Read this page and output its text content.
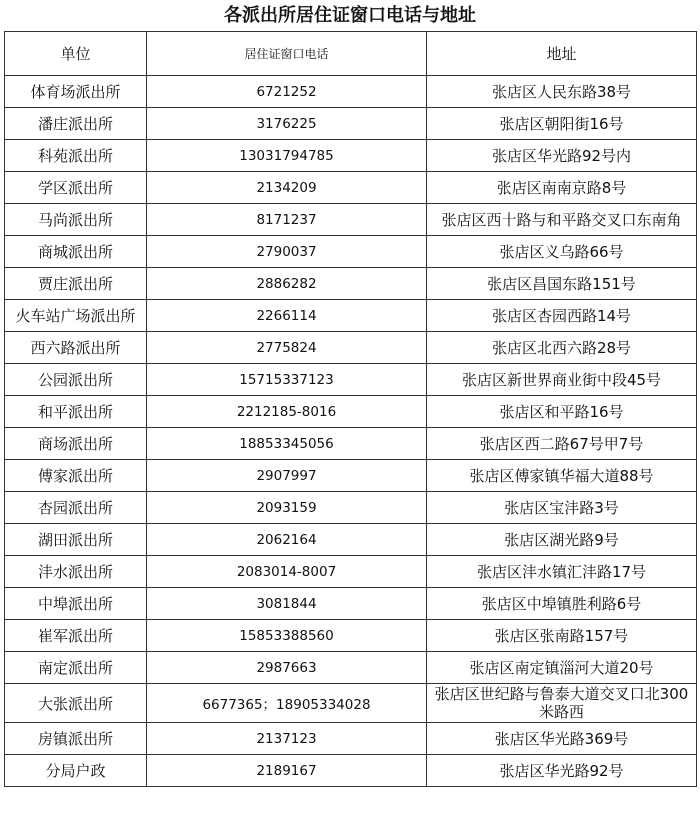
各派出所居住证窗口电话与地址
单位	居住证窗口电话	地址
体育场派出所	6721252	张店区人民东路38号
潘庄派出所	3176225	张店区朝阳街16号
科苑派出所	13031794785	张店区华光路92号内
学区派出所	2134209	张店区南南京路8号
马尚派出所	8171237	张店区西十路与和平路交叉口东南角
商城派出所	2790037	张店区义乌路66号
贾庄派出所	2886282	张店区昌国东路151号
火车站广场派出所	2266114	张店区杏园西路14号
西六路派出所	2775824	张店区北西六路28号
公园派出所	15715337123	张店区新世界商业街中段45号
和平派出所	2212185-8016	张店区和平路16号
商场派出所	18853345056	张店区西二路67号甲7号
傅家派出所	2907997	张店区傅家镇华福大道88号
杏园派出所	2093159	张店区宝沣路3号
湖田派出所	2062164	张店区湖光路9号
沣水派出所	2083014-8007	张店区沣水镇汇沣路17号
中埠派出所	3081844	张店区中埠镇胜利路6号
崔军派出所	15853388560	张店区张南路157号
南定派出所	2987663	张店区南定镇淄河大道20号
大张派出所	6677365；18905334028	张店区世纪路与鲁泰大道交叉口北300米路西
房镇派出所	2137123	张店区华光路369号
分局户政	2189167	张店区华光路92号
